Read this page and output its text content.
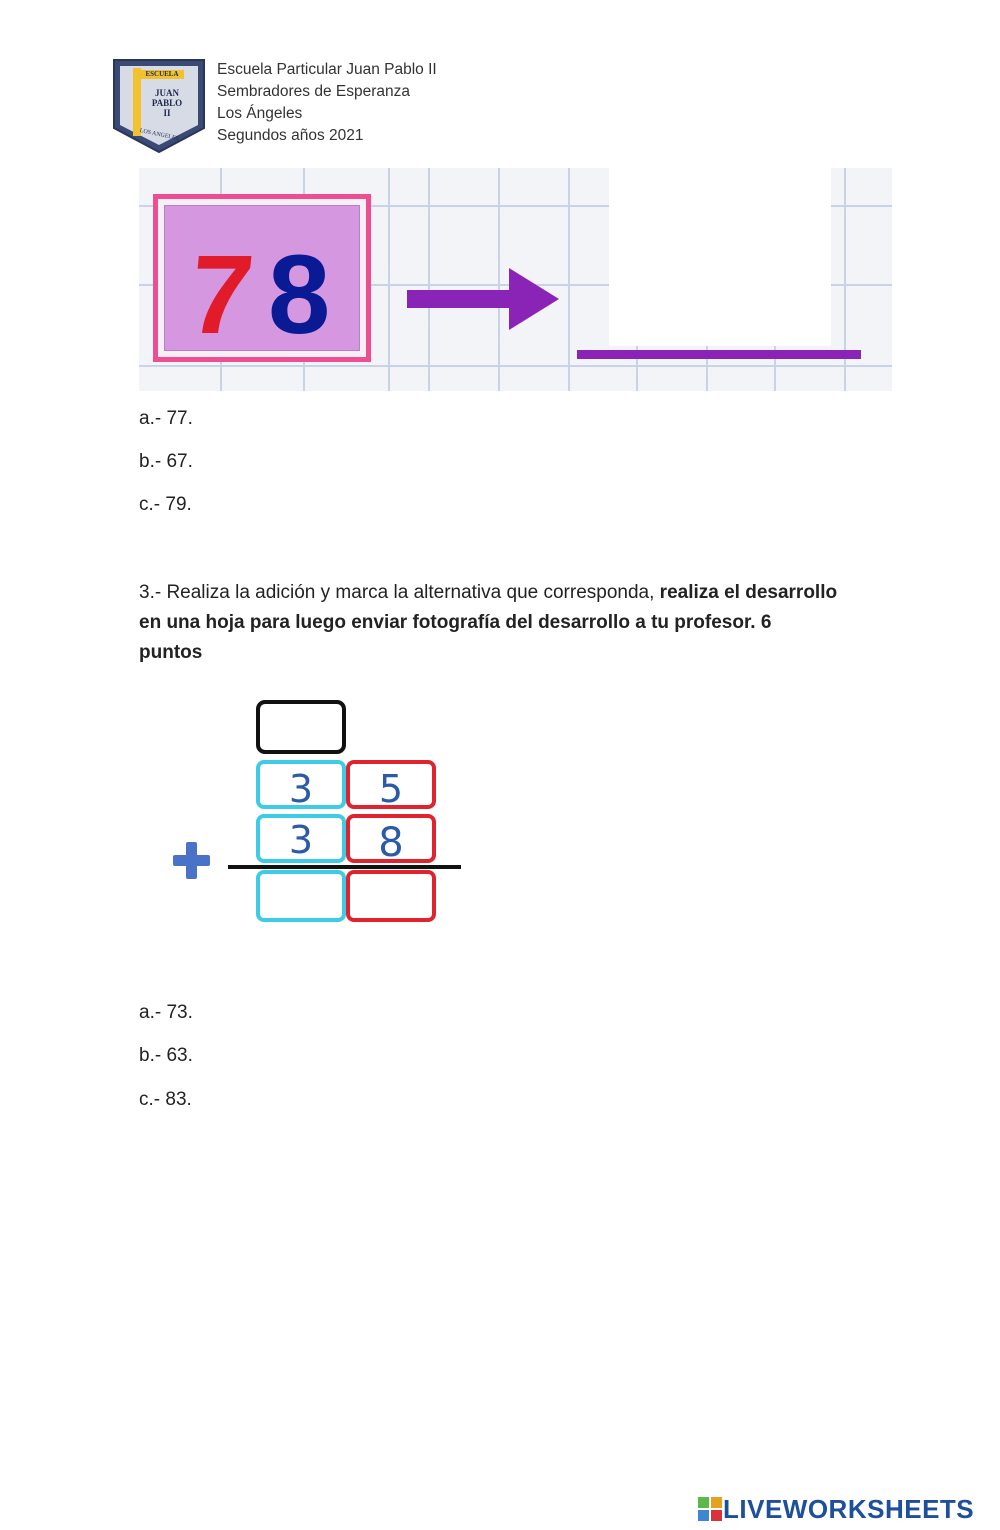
ESCUELA
JUAN
PABLO
II
LOS ANGELES
Escuela Particular Juan Pablo II
Sembradores de Esperanza
Los Ángeles
Segundos años 2021
7 8
a.- 77.
b.- 67.
c.- 79.
3.- Realiza la adición y marca la alternativa que corresponda, realiza el desarrollo en una hoja para luego enviar fotografía del desarrollo a tu profesor. 6 puntos
3 5
3 8
a.- 73.
b.- 63.
c.- 83.
LIVEWORKSHEETS
